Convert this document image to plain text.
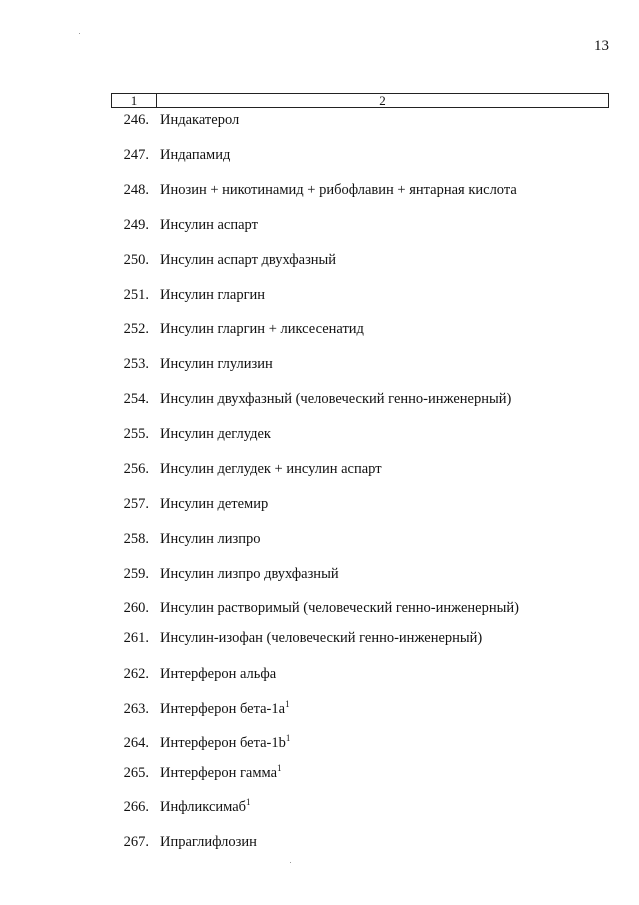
13
1	2
246. Индакатерол
247. Индапамид
248. Инозин + никотинамид + рибофлавин + янтарная кислота
249. Инсулин аспарт
250. Инсулин аспарт двухфазный
251. Инсулин гларгин
252. Инсулин гларгин + ликсесенатид
253. Инсулин глулизин
254. Инсулин двухфазный (человеческий генно-инженерный)
255. Инсулин деглудек
256. Инсулин деглудек + инсулин аспарт
257. Инсулин детемир
258. Инсулин лизпро
259. Инсулин лизпро двухфазный
260. Инсулин растворимый (человеческий генно-инженерный)
261. Инсулин-изофан (человеческий генно-инженерный)
262. Интерферон альфа
263. Интерферон бета-$1а^1$
264. Интерферон бета-$1b^1$
265. Интерферон гамма$^1$
266. Инфликсимаб$^1$
267. Ипраглифлозин
